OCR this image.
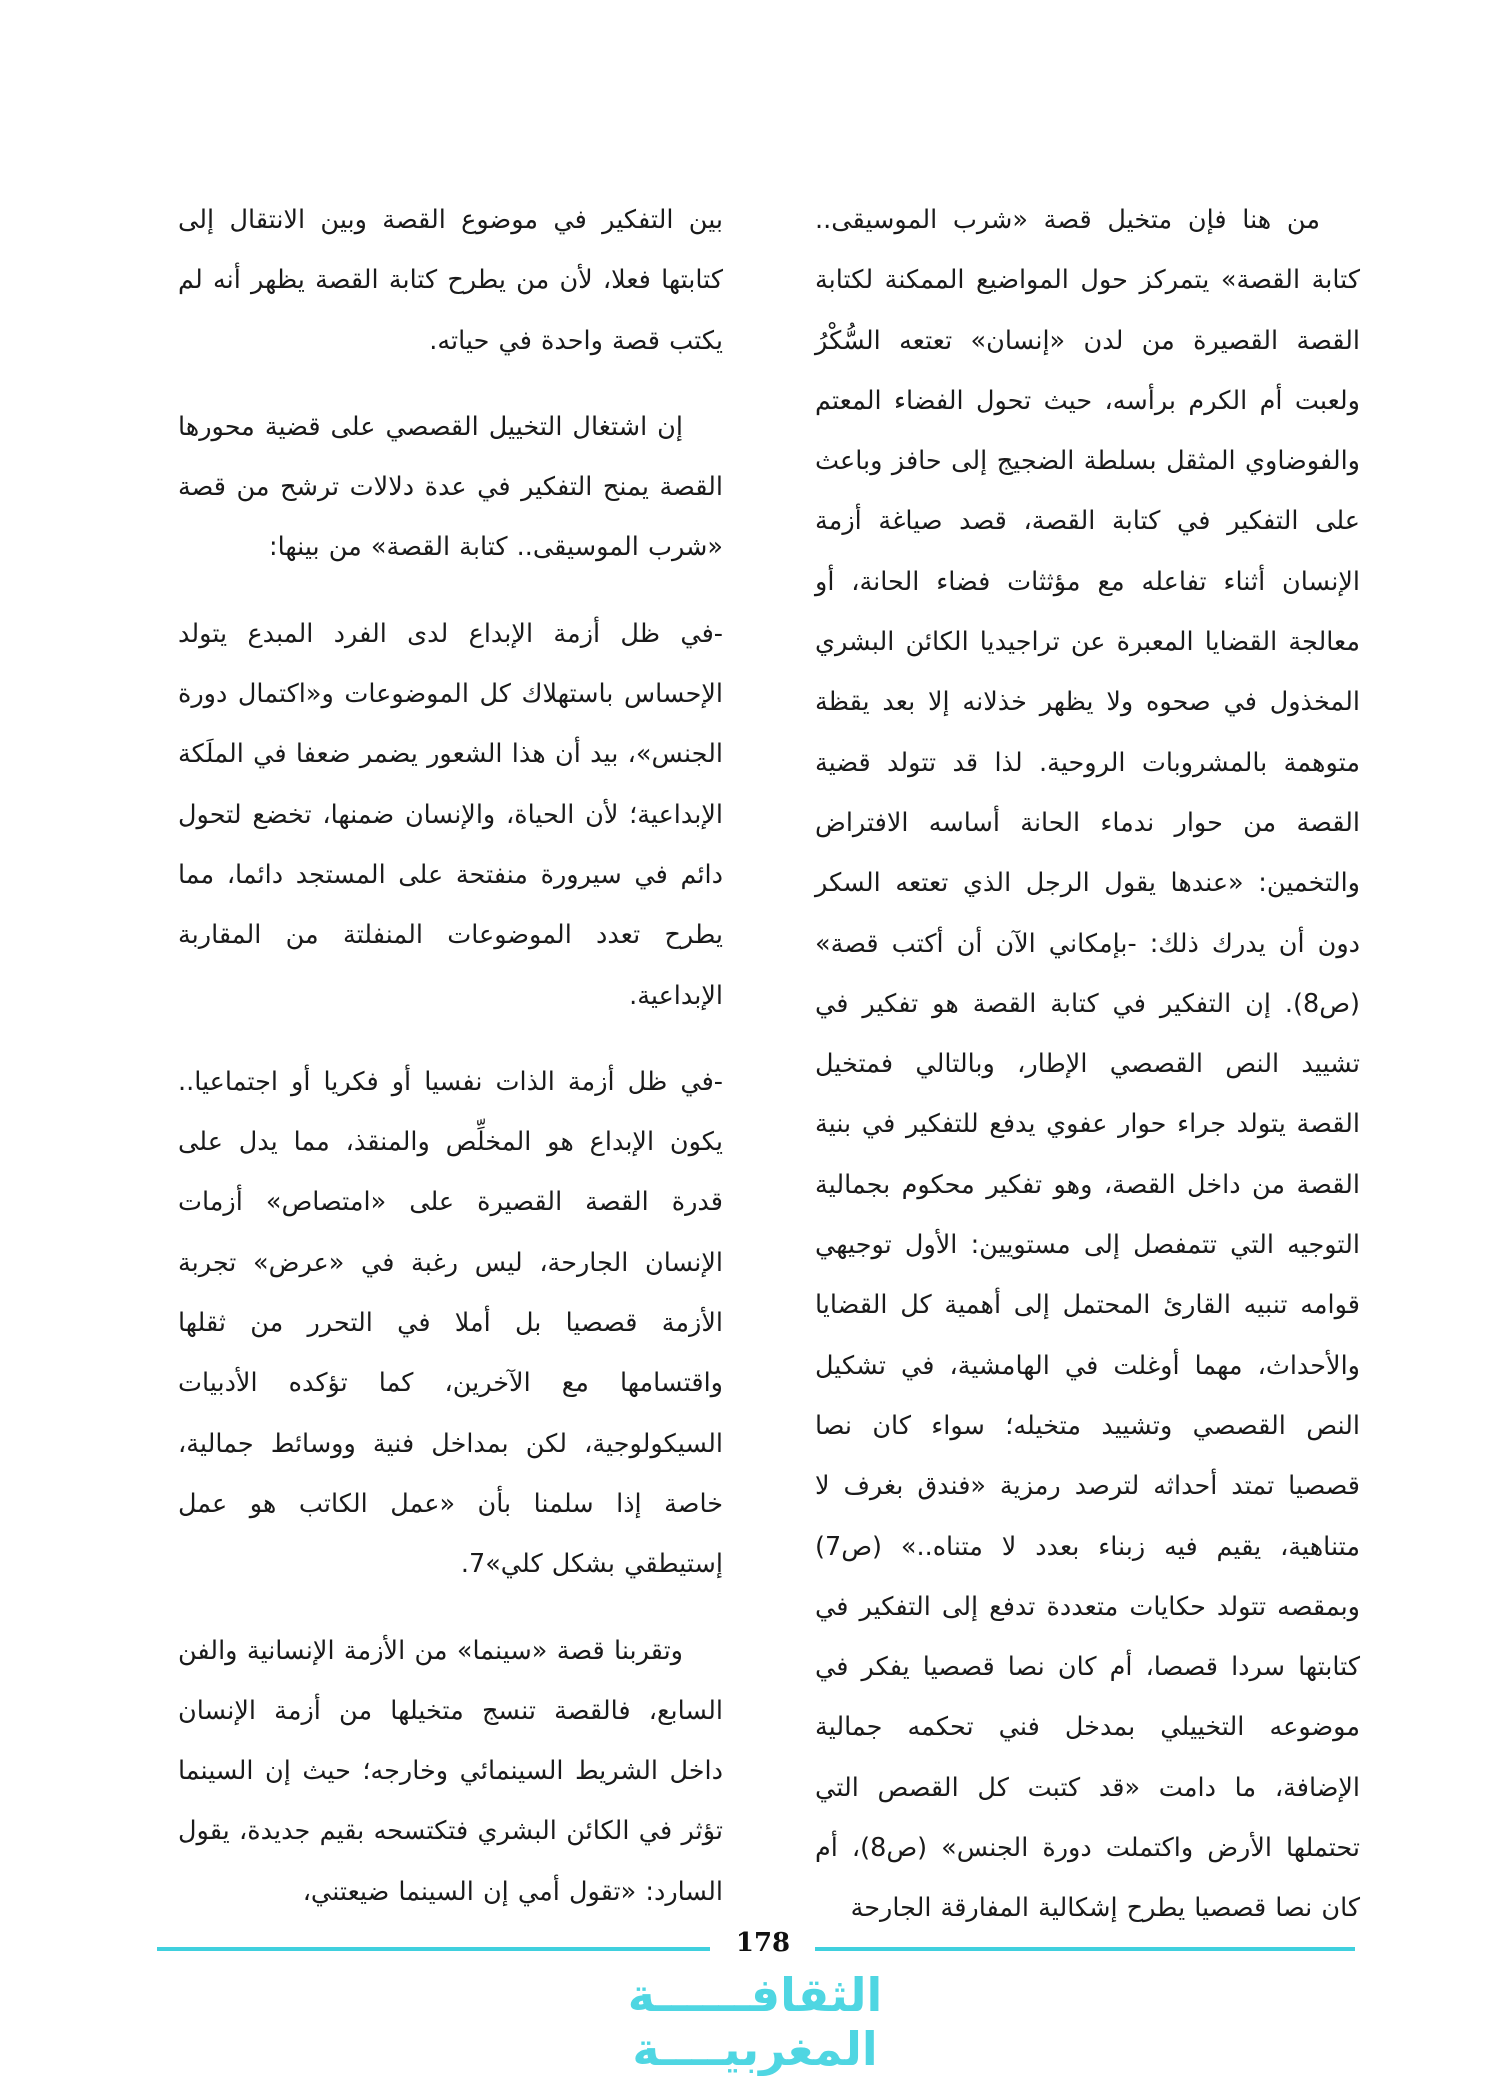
من هنا فإن متخيل قصة «شرب الموسيقى.. كتابة القصة» يتمركز حول المواضيع الممكنة لكتابة القصة القصيرة من لدن «إنسان» تعتعه السُّكْرُ ولعبت أم الكرم برأسه، حيث تحول الفضاء المعتم والفوضاوي المثقل بسلطة الضجيج إلى حافز وباعث على التفكير في كتابة القصة، قصد صياغة أزمة الإنسان أثناء تفاعله مع مؤثثات فضاء الحانة، أو معالجة القضايا المعبرة عن تراجيديا الكائن البشري المخذول في صحوه ولا يظهر خذلانه إلا بعد يقظة متوهمة بالمشروبات الروحية. لذا قد تتولد قضية القصة من حوار ندماء الحانة أساسه الافتراض والتخمين: «عندها يقول الرجل الذي تعتعه السكر دون أن يدرك ذلك: -بإمكاني الآن أن أكتب قصة» (ص8). إن التفكير في كتابة القصة هو تفكير في تشييد النص القصصي الإطار، وبالتالي فمتخيل القصة يتولد جراء حوار عفوي يدفع للتفكير في بنية القصة من داخل القصة، وهو تفكير محكوم بجمالية التوجيه التي تتمفصل إلى مستويين: الأول توجيهي قوامه تنبيه القارئ المحتمل إلى أهمية كل القضايا والأحداث، مهما أوغلت في الهامشية، في تشكيل النص القصصي وتشييد متخيله؛ سواء كان نصا قصصيا تمتد أحداثه لترصد رمزية «فندق بغرف لا متناهية، يقيم فيه زبناء بعدد لا متناه..» (ص7) وبمقصه تتولد حكايات متعددة تدفع إلى التفكير في كتابتها سردا قصصا، أم كان نصا قصصيا يفكر في موضوعه التخييلي بمدخل فني تحكمه جمالية الإضافة، ما دامت «قد كتبت كل القصص التي تحتملها الأرض واكتملت دورة الجنس» (ص8)، أم كان نصا قصصيا يطرح إشكالية المفارقة الجارحة

بين التفكير في موضوع القصة وبين الانتقال إلى كتابتها فعلا، لأن من يطرح كتابة القصة يظهر أنه لم يكتب قصة واحدة في حياته.

إن اشتغال التخييل القصصي على قضية محورها القصة يمنح التفكير في عدة دلالات ترشح من قصة «شرب الموسيقى.. كتابة القصة» من بينها:

-في ظل أزمة الإبداع لدى الفرد المبدع يتولد الإحساس باستهلاك كل الموضوعات و«اكتمال دورة الجنس»، بيد أن هذا الشعور يضمر ضعفا في الملَكة الإبداعية؛ لأن الحياة، والإنسان ضمنها، تخضع لتحول دائم في سيرورة منفتحة على المستجد دائما، مما يطرح تعدد الموضوعات المنفلتة من المقاربة الإبداعية.

-في ظل أزمة الذات نفسيا أو فكريا أو اجتماعيا.. يكون الإبداع هو المخلِّص والمنقذ، مما يدل على قدرة القصة القصيرة على «امتصاص» أزمات الإنسان الجارحة، ليس رغبة في «عرض» تجربة الأزمة قصصيا بل أملا في التحرر من ثقلها واقتسامها مع الآخرين، كما تؤكده الأدبيات السيكولوجية، لكن بمداخل فنية ووسائط جمالية، خاصة إذا سلمنا بأن «عمل الكاتب هو عمل إستيطقي بشكل كلي»7.

وتقربنا قصة «سينما» من الأزمة الإنسانية والفن السابع، فالقصة تنسج متخيلها من أزمة الإنسان داخل الشريط السينمائي وخارجه؛ حيث إن السينما تؤثر في الكائن البشري فتكتسحه بقيم جديدة، يقول السارد: «تقول أمي إن السينما ضيعتني،

178
الثقافــــــة المغربيــــة
